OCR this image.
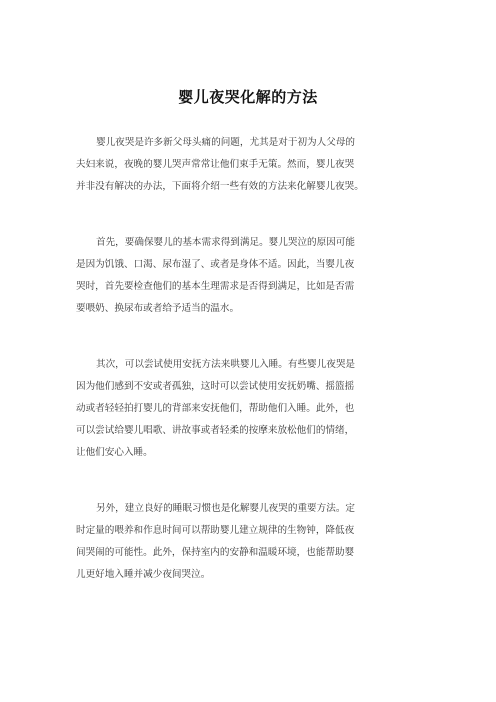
婴儿夜哭化解的方法
婴儿夜哭是许多新父母头痛的问题，尤其是对于初为人父母的
夫妇来说，夜晚的婴儿哭声常常让他们束手无策。然而，婴儿夜哭
并非没有解决的办法，下面将介绍一些有效的方法来化解婴儿夜哭。
首先，要确保婴儿的基本需求得到满足。婴儿哭泣的原因可能
是因为饥饿、口渴、尿布湿了、或者是身体不适。因此，当婴儿夜
哭时，首先要检查他们的基本生理需求是否得到满足，比如是否需
要喂奶、换尿布或者给予适当的温水。
其次，可以尝试使用安抚方法来哄婴儿入睡。有些婴儿夜哭是
因为他们感到不安或者孤独，这时可以尝试使用安抚奶嘴、摇篮摇
动或者轻轻拍打婴儿的背部来安抚他们，帮助他们入睡。此外，也
可以尝试给婴儿唱歌、讲故事或者轻柔的按摩来放松他们的情绪，
让他们安心入睡。
另外，建立良好的睡眠习惯也是化解婴儿夜哭的重要方法。定
时定量的喂养和作息时间可以帮助婴儿建立规律的生物钟，降低夜
间哭闹的可能性。此外，保持室内的安静和温暖环境，也能帮助婴
儿更好地入睡并减少夜间哭泣。
